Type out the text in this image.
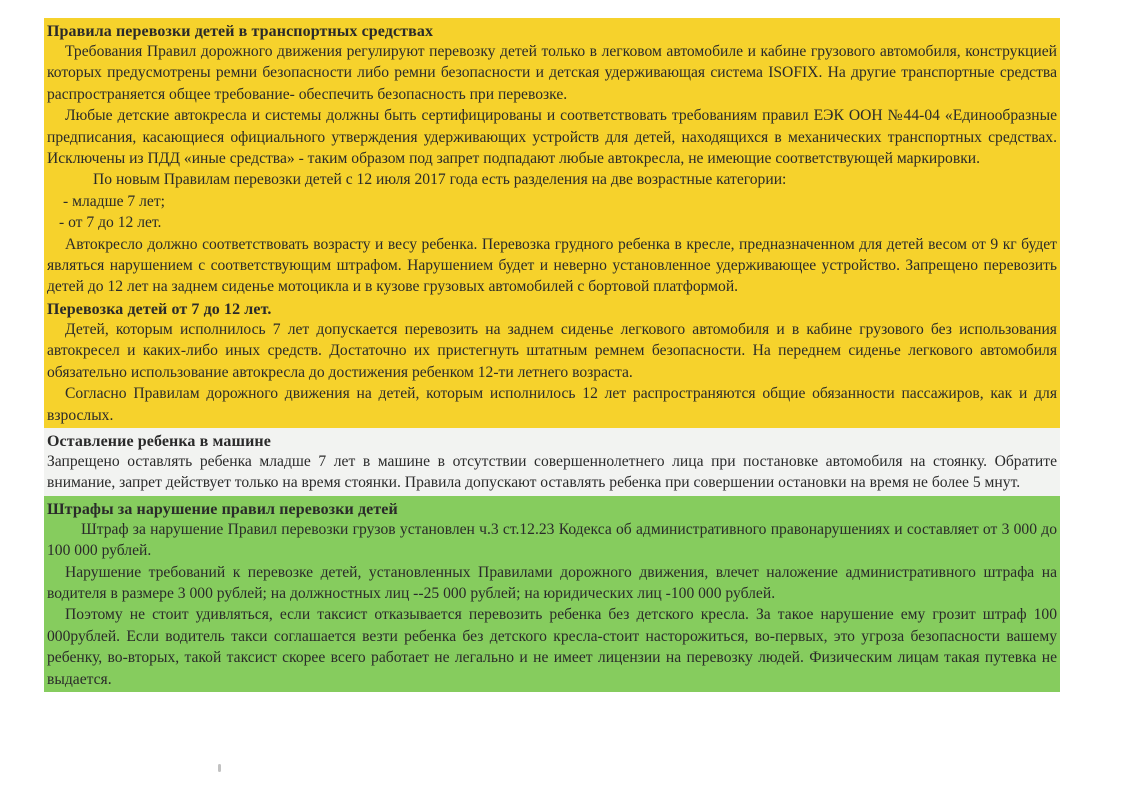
Правила перевозки детей в транспортных средствах

Требования Правил дорожного движения регулируют перевозку детей только в легковом автомобиле и кабине грузового автомобиля, конструкцией которых предусмотрены ремни безопасности либо ремни безопасности и детская удерживающая система ISOFIX. На другие транспортные средства распространяется общее требование- обеспечить безопасность при перевозке.

Любые детские автокресла и системы должны быть сертифицированы и соответствовать требованиям правил ЕЭК ООН №44-04 «Единообразные предписания, касающиеся официального утверждения удерживающих устройств для детей, находящихся в механических транспортных средствах. Исключены из ПДД «иные средства» - таким образом под запрет подпадают любые автокресла, не имеющие соответствующей маркировки.

По новым Правилам перевозки детей с 12 июля 2017 года есть разделения на две возрастные категории:

- младше 7 лет;

- от 7 до 12 лет.

Автокресло должно соответствовать возрасту и весу ребенка. Перевозка грудного ребенка в кресле, предназначенном для детей весом от 9 кг будет являться нарушением с соответствующим штрафом. Нарушением будет и неверно установленное удерживающее устройство. Запрещено перевозить детей до 12 лет на заднем сиденье мотоцикла и в кузове грузовых автомобилей с бортовой платформой.

Перевозка детей от 7 до 12 лет.

Детей, которым исполнилось 7 лет допускается перевозить на заднем сиденье легкового автомобиля и в кабине грузового без использования автокресел и каких-либо иных средств. Достаточно их пристегнуть штатным ремнем безопасности. На переднем сиденье легкового автомобиля обязательно использование автокресла до достижения ребенком 12-ти летнего возраста.

Согласно Правилам дорожного движения на детей, которым исполнилось 12 лет распространяются общие обязанности пассажиров, как и для взрослых.

Оставление ребенка в машине

Запрещено оставлять ребенка младше 7 лет в машине в отсутствии совершеннолетнего лица при постановке автомобиля на стоянку. Обратите внимание, запрет действует только на время стоянки. Правила допускают оставлять ребенка при совершении остановки на время не более 5 мнут.

Штрафы за нарушение правил перевозки детей

Штраф за нарушение Правил перевозки грузов установлен ч.3 ст.12.23 Кодекса об административного правонарушениях и составляет от 3 000 до 100 000 рублей.

Нарушение требований к перевозке детей, установленных Правилами дорожного движения, влечет наложение административного штрафа на водителя в размере 3 000 рублей; на должностных лиц --25 000 рублей; на юридических лиц -100 000 рублей.

Поэтому не стоит удивляться, если таксист отказывается перевозить ребенка без детского кресла. За такое нарушение ему грозит штраф 100 000рублей. Если водитель такси соглашается везти ребенка без детского кресла-стоит насторожиться, во-первых, это угроза безопасности вашему ребенку, во-вторых, такой таксист скорее всего работает не легально и не имеет лицензии на перевозку людей. Физическим лицам такая путевка не выдается.
